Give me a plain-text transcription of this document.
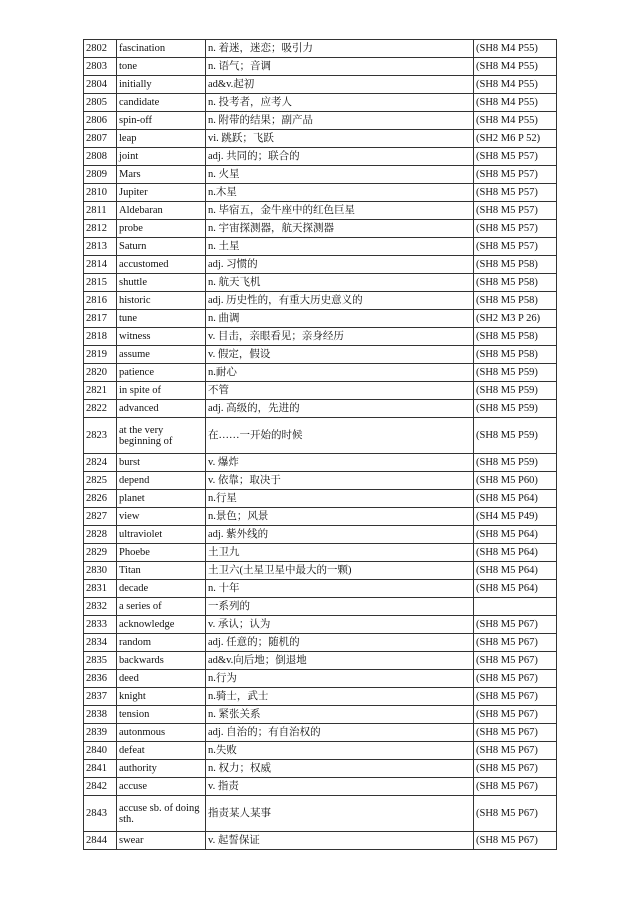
2802	fascination	n. 着迷，迷恋；吸引力	(SH8 M4 P55)
2803	tone	n. 语气；音调	(SH8 M4 P55)
2804	initially	ad&v.起初	(SH8 M4 P55)
2805	candidate	n. 投考者，应考人	(SH8 M4 P55)
2806	spin-off	n. 附带的结果；副产品	(SH8 M4 P55)
2807	leap	vi. 跳跃；飞跃	(SH2 M6 P 52)
2808	joint	adj. 共同的；联合的	(SH8 M5 P57)
2809	Mars	n. 火星	(SH8 M5 P57)
2810	Jupiter	n.木星	(SH8 M5 P57)
2811	Aldebaran	n. 毕宿五，金牛座中的红色巨星	(SH8 M5 P57)
2812	probe	n. 宇宙探测器，航天探测器	(SH8 M5 P57)
2813	Saturn	n. 土星	(SH8 M5 P57)
2814	accustomed	adj. 习惯的	(SH8 M5 P58)
2815	shuttle	n. 航天飞机	(SH8 M5 P58)
2816	historic	adj. 历史性的，有重大历史意义的	(SH8 M5 P58)
2817	tune	n. 曲调	(SH2 M3 P 26)
2818	witness	v. 目击，亲眼看见；亲身经历	(SH8 M5 P58)
2819	assume	v. 假定，假设	(SH8 M5 P58)
2820	patience	n.耐心	(SH8 M5 P59)
2821	in spite of	不管	(SH8 M5 P59)
2822	advanced	adj. 高级的，先进的	(SH8 M5 P59)
2823	at the very beginning of	在……一开始的时候	(SH8 M5 P59)
2824	burst	v. 爆炸	(SH8 M5 P59)
2825	depend	v. 依靠；取决于	(SH8 M5 P60)
2826	planet	n.行星	(SH8 M5 P64)
2827	view	n.景色；风景	(SH4 M5 P49)
2828	ultraviolet	adj. 紫外线的	(SH8 M5 P64)
2829	Phoebe	土卫九	(SH8 M5 P64)
2830	Titan	土卫六(土星卫星中最大的一颗)	(SH8 M5 P64)
2831	decade	n. 十年	(SH8 M5 P64)
2832	a series of	一系列的	
2833	acknowledge	v. 承认；认为	(SH8 M5 P67)
2834	random	adj. 任意的；随机的	(SH8 M5 P67)
2835	backwards	ad&v.向后地；倒退地	(SH8 M5 P67)
2836	deed	n.行为	(SH8 M5 P67)
2837	knight	n.骑士，武士	(SH8 M5 P67)
2838	tension	n. 紧张关系	(SH8 M5 P67)
2839	autonmous	adj. 自治的；有自治权的	(SH8 M5 P67)
2840	defeat	n.失败	(SH8 M5 P67)
2841	authority	n. 权力；权威	(SH8 M5 P67)
2842	accuse	v. 指责	(SH8 M5 P67)
2843	accuse sb. of doing sth.	指责某人某事	(SH8 M5 P67)
2844	swear	v. 起誓保证	(SH8 M5 P67)
